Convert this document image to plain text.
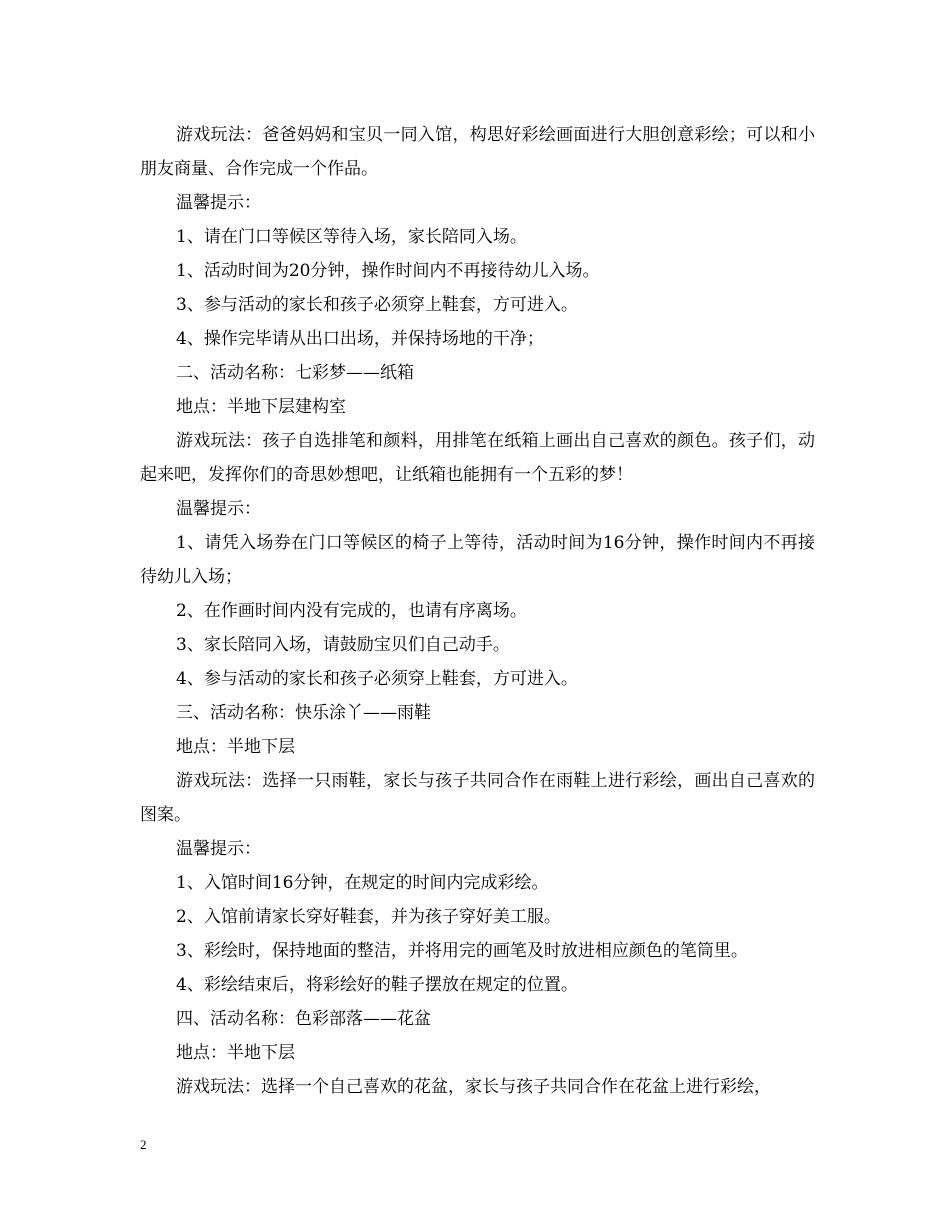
游戏玩法：爸爸妈妈和宝贝一同入馆，构思好彩绘画面进行大胆创意彩绘；可以和小朋友商量、合作完成一个作品。

温馨提示：

1、请在门口等候区等待入场，家长陪同入场。

1、活动时间为20分钟，操作时间内不再接待幼儿入场。

3、参与活动的家长和孩子必须穿上鞋套，方可进入。

4、操作完毕请从出口出场，并保持场地的干净；

二、活动名称：七彩梦——纸箱

地点：半地下层建构室

游戏玩法：孩子自选排笔和颜料，用排笔在纸箱上画出自己喜欢的颜色。孩子们，动起来吧，发挥你们的奇思妙想吧，让纸箱也能拥有一个五彩的梦！

温馨提示：

1、请凭入场券在门口等候区的椅子上等待，活动时间为16分钟，操作时间内不再接待幼儿入场；

2、在作画时间内没有完成的，也请有序离场。

3、家长陪同入场，请鼓励宝贝们自己动手。

4、参与活动的家长和孩子必须穿上鞋套，方可进入。

三、活动名称：快乐涂丫——雨鞋

地点：半地下层

游戏玩法：选择一只雨鞋，家长与孩子共同合作在雨鞋上进行彩绘，画出自己喜欢的图案。

温馨提示：

1、入馆时间16分钟，在规定的时间内完成彩绘。

2、入馆前请家长穿好鞋套，并为孩子穿好美工服。

3、彩绘时，保持地面的整洁，并将用完的画笔及时放进相应颜色的笔筒里。

4、彩绘结束后，将彩绘好的鞋子摆放在规定的位置。

四、活动名称：色彩部落——花盆

地点：半地下层

游戏玩法：选择一个自己喜欢的花盆，家长与孩子共同合作在花盆上进行彩绘，

2
